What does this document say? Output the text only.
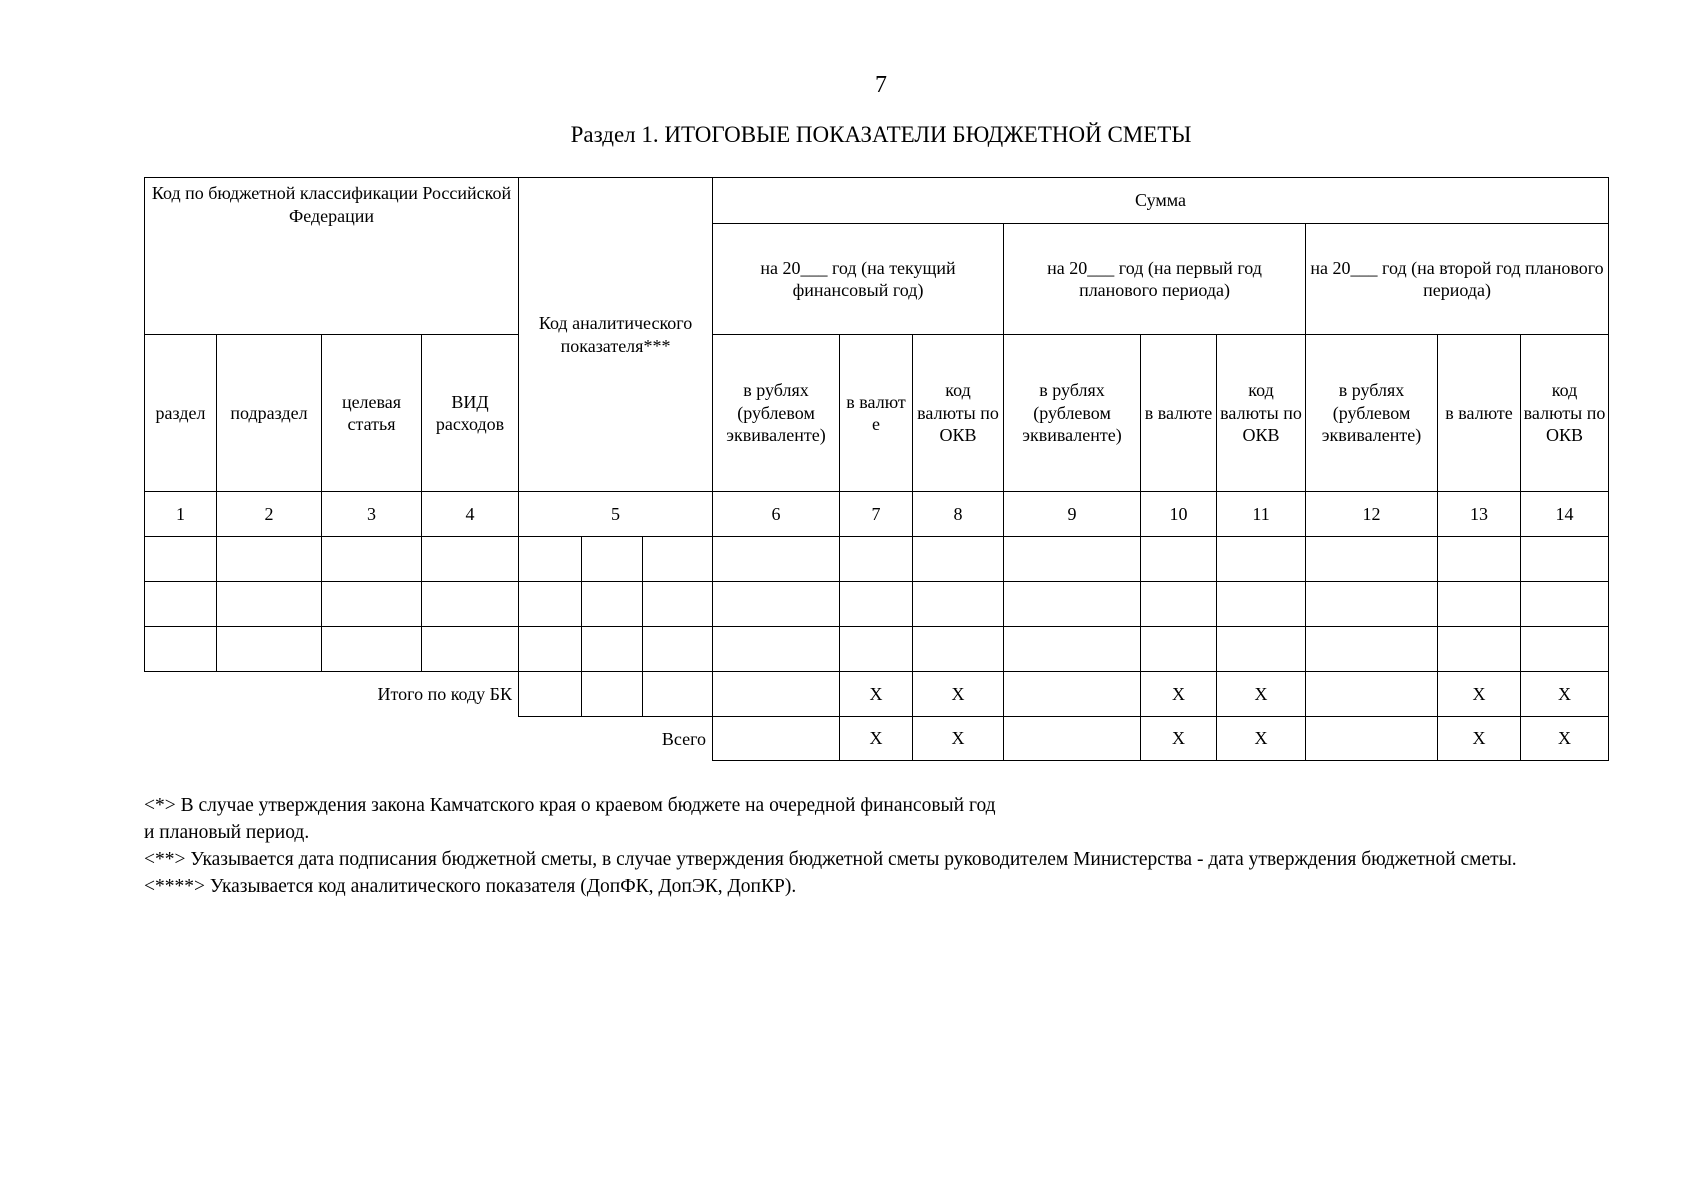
7
Раздел 1. ИТОГОВЫЕ ПОКАЗАТЕЛИ БЮДЖЕТНОЙ СМЕТЫ
Код по бюджетной классификации Российской Федерации				Код аналитического показателя***			Сумма								
							на 20___ год (на текущий финансовый год)			на 20___ год (на первый год планового периода)			на 20___ год (на второй год планового периода)		
раздел	подраздел	целевая статья	ВИД расходов				в рублях (рублевом эквиваленте)	в валют е	код валюты по ОКВ	в рублях (рублевом эквиваленте)	в валюте	код валюты по ОКВ	в рублях (рублевом эквиваленте)	в валюте	код валюты по ОКВ
1	2	3	4	5			6	7	8	9	10	11	12	13	14

Итого по коду БК								X	X		X	X		X	X
Всего								X	X		X	X		X	X

<*> В случае утверждения закона Камчатского края о краевом бюджете на очередной финансовый год

и плановый период.

<**> Указывается дата подписания бюджетной сметы, в случае утверждения бюджетной сметы руководителем Министерства - дата утверждения бюджетной сметы.

<****> Указывается код аналитического показателя (ДопФК, ДопЭК, ДопКР).
